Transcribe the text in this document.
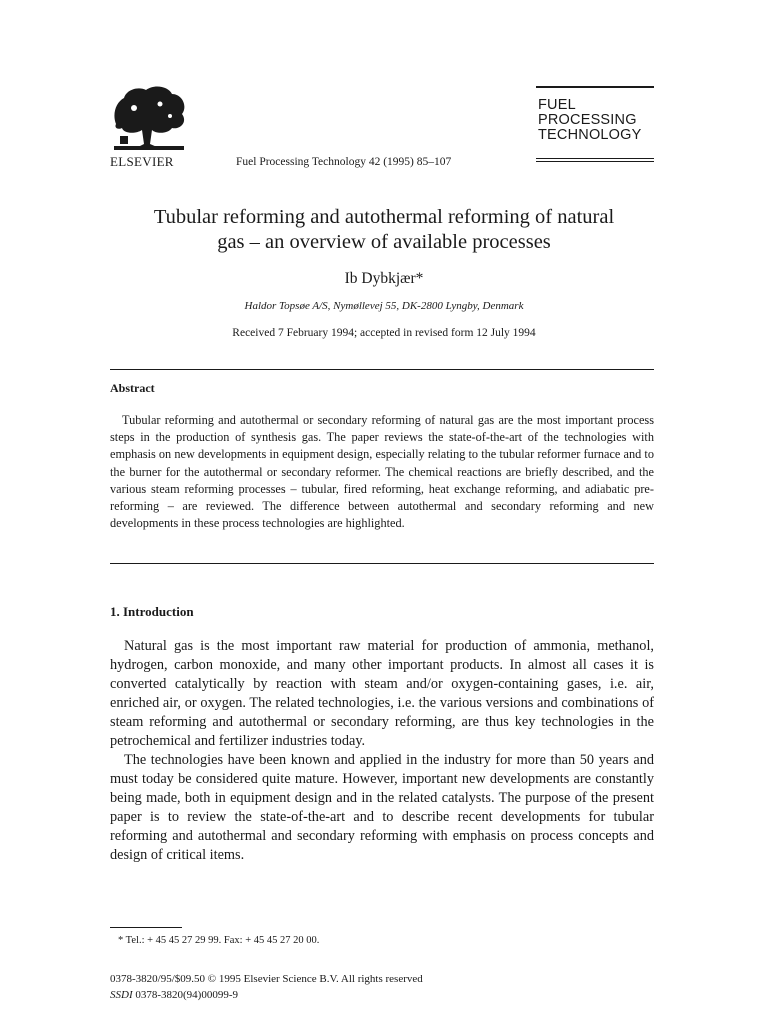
ELSEVIER	Fuel Processing Technology 42 (1995) 85–107
FUEL
PROCESSING
TECHNOLOGY
Tubular reforming and autothermal reforming of natural
gas – an overview of available processes
Ib Dybkjær*
Haldor Topsøe A/S, Nymøllevej 55, DK-2800 Lyngby, Denmark
Received 7 February 1994; accepted in revised form 12 July 1994
Abstract
Tubular reforming and autothermal or secondary reforming of natural gas are the most important process steps in the production of synthesis gas. The paper reviews the state-of-the-art of the technologies with emphasis on new developments in equipment design, especially relating to the tubular reformer furnace and to the burner for the autothermal or secondary reformer. The chemical reactions are briefly described, and the various steam reforming processes – tubular, fired reforming, heat exchange reforming, and adiabatic pre-reforming – are reviewed. The difference between autothermal and secondary reforming and new developments in these process technologies are highlighted.
1. Introduction

Natural gas is the most important raw material for production of ammonia, methanol, hydrogen, carbon monoxide, and many other important products. In almost all cases it is converted catalytically by reaction with steam and/or oxygen-containing gases, i.e. air, enriched air, or oxygen. The related technologies, i.e. the various versions and combinations of steam reforming and autothermal or secondary reforming, are thus key technologies in the petrochemical and fertilizer industries today.

The technologies have been known and applied in the industry for more than 50 years and must today be considered quite mature. However, important new developments are constantly being made, both in equipment design and in the related catalysts. The purpose of the present paper is to review the state-of-the-art and to describe recent developments for tubular reforming and autothermal and secondary reforming with emphasis on process concepts and design of critical items.

* Tel.: + 45 45 27 29 99. Fax: + 45 45 27 20 00.
0378-3820/95/$09.50 © 1995 Elsevier Science B.V. All rights reserved
SSDI 0378-3820(94)00099-9
